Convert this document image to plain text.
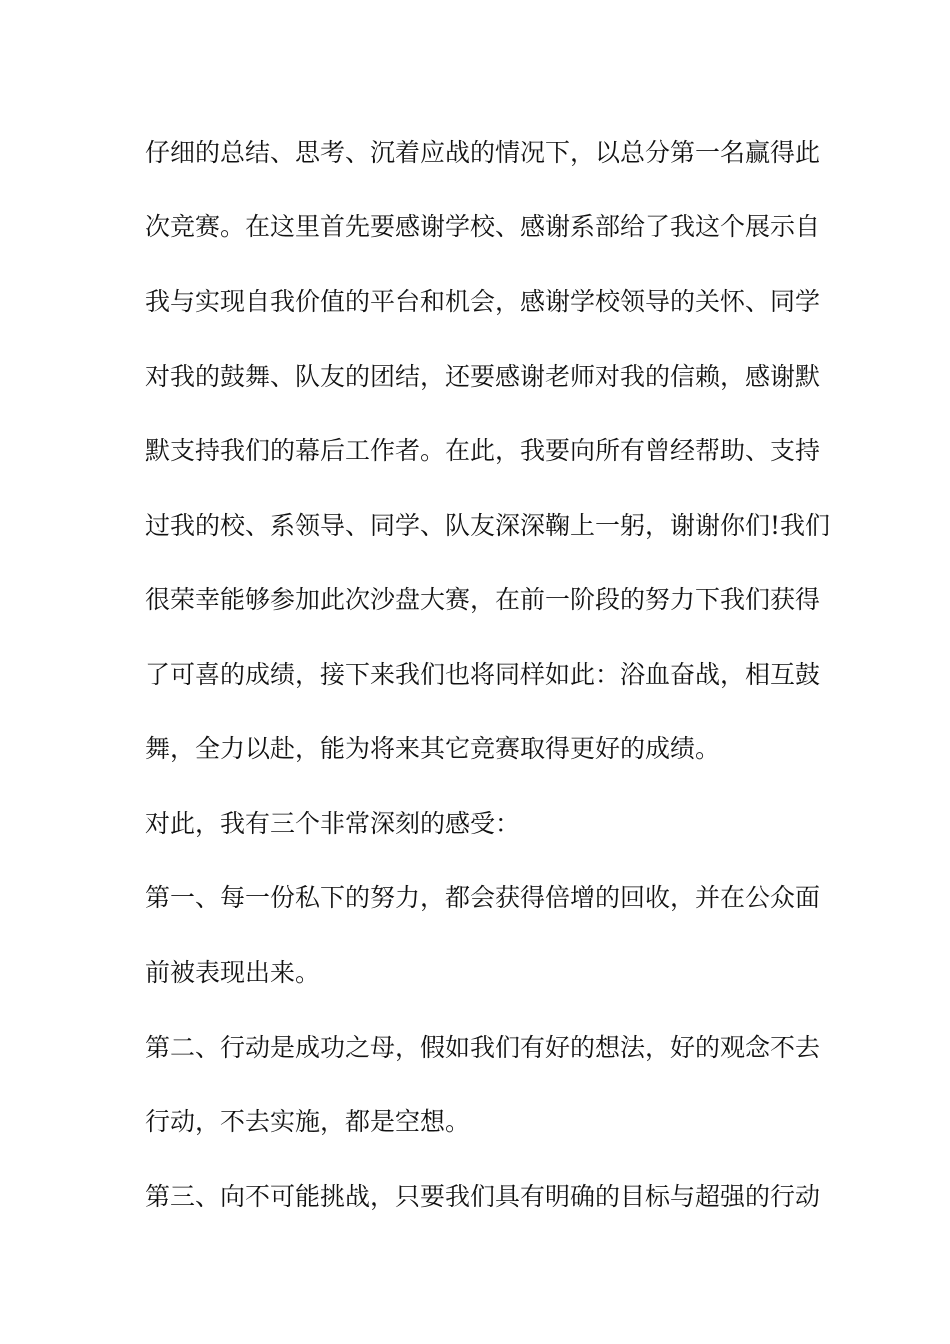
仔细的总结、思考、沉着应战的情况下，以总分第一名赢得此
次竞赛。在这里首先要感谢学校、感谢系部给了我这个展示自
我与实现自我价值的平台和机会，感谢学校领导的关怀、同学
对我的鼓舞、队友的团结，还要感谢老师对我的信赖，感谢默
默支持我们的幕后工作者。在此，我要向所有曾经帮助、支持
过我的校、系领导、同学、队友深深鞠上一躬，谢谢你们!我们
很荣幸能够参加此次沙盘大赛，在前一阶段的努力下我们获得
了可喜的成绩，接下来我们也将同样如此：浴血奋战，相互鼓
舞，全力以赴，能为将来其它竞赛取得更好的成绩。
对此，我有三个非常深刻的感受：
第一、每一份私下的努力，都会获得倍增的回收，并在公众面
前被表现出来。
第二、行动是成功之母，假如我们有好的想法，好的观念不去
行动，不去实施，都是空想。
第三、向不可能挑战，只要我们具有明确的目标与超强的行动
